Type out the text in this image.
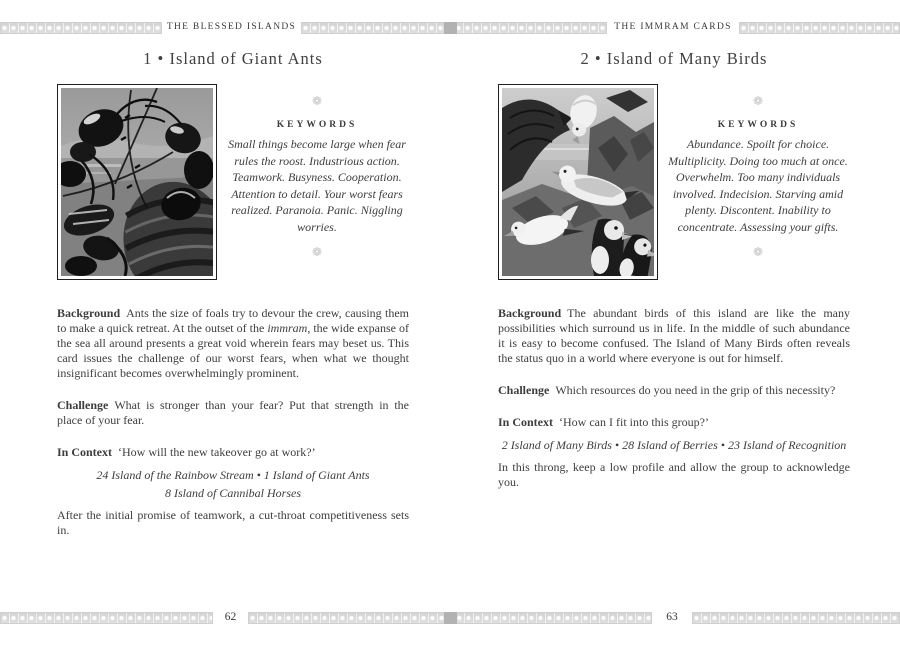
THE BLESSED ISLANDS	THE IMMRAM CARDS
1 • Island of Giant Ants
❁
KEYWORDS
Small things become large when fear rules the roost. Industrious action. Teamwork. Busyness. Cooperation. Attention to detail. Your worst fears realized. Paranoia. Panic. Niggling worries.
❁

Background Ants the size of foals try to devour the crew, causing them to make a quick retreat. At the outset of the immram, the wide expanse of the sea all around presents a great void wherein fears may beset us. This card issues the challenge of our worst fears, when what we thought insignificant becomes overwhelmingly prominent.

Challenge What is stronger than your fear? Put that strength in the place of your fear.

In Context ‘How will the new takeover go at work?’

24 Island of the Rainbow Stream • 1 Island of Giant Ants
8 Island of Cannibal Horses

After the initial promise of teamwork, a cut-throat competitiveness sets in.

2 • Island of Many Birds
❁
KEYWORDS
Abundance. Spoilt for choice. Multiplicity. Doing too much at once. Overwhelm. Too many individuals involved. Indecision. Starving amid plenty. Discontent. Inability to concentrate. Assessing your gifts.
❁

Background The abundant birds of this island are like the many possibilities which surround us in life. In the middle of such abundance it is easy to become confused. The Island of Many Birds often reveals the status quo in a world where everyone is out for himself.

Challenge Which resources do you need in the grip of this necessity?

In Context ‘How can I fit into this group?’

2 Island of Many Birds • 28 Island of Berries • 23 Island of Recognition

In this throng, keep a low profile and allow the group to acknowledge you.

62	63
